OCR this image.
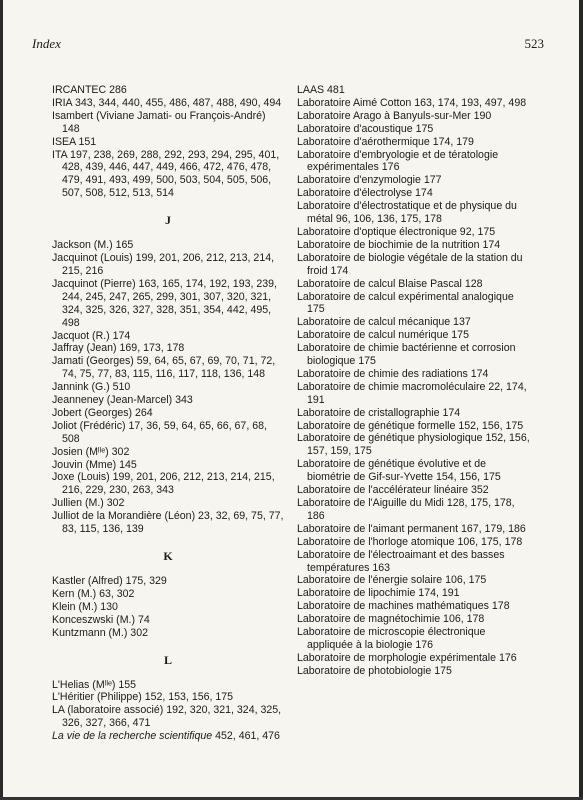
Index	523

IRCANTEC 286

IRIA 343, 344, 440, 455, 486, 487, 488, 490, 494

Isambert (Viviane Jamati- ou François-André) 148

ISEA 151

ITA 197, 238, 269, 288, 292, 293, 294, 295, 401, 428, 439, 446, 447, 449, 466, 472, 476, 478, 479, 491, 493, 499, 500, 503, 504, 505, 506, 507, 508, 512, 513, 514

J

Jackson (M.) 165

Jacquinot (Louis) 199, 201, 206, 212, 213, 214, 215, 216

Jacquinot (Pierre) 163, 165, 174, 192, 193, 239, 244, 245, 247, 265, 299, 301, 307, 320, 321, 324, 325, 326, 327, 328, 351, 354, 442, 495, 498

Jacquot (R.) 174

Jaffray (Jean) 169, 173, 178

Jamati (Georges) 59, 64, 65, 67, 69, 70, 71, 72, 74, 75, 77, 83, 115, 116, 117, 118, 136, 148

Jannink (G.) 510

Jeanneney (Jean-Marcel) 343

Jobert (Georges) 264

Joliot (Frédéric) 17, 36, 59, 64, 65, 66, 67, 68, 508

Josien (Mˡˡᵉ) 302

Jouvin (Mme) 145

Joxe (Louis) 199, 201, 206, 212, 213, 214, 215, 216, 229, 230, 263, 343

Jullien (M.) 302

Julliot de la Morandière (Léon) 23, 32, 69, 75, 77, 83, 115, 136, 139

K

Kastler (Alfred) 175, 329

Kern (M.) 63, 302

Klein (M.) 130

Konceszwski (M.) 74

Kuntzmann (M.) 302

L

L'Helias (Mˡˡᵉ) 155

L'Héritier (Philippe) 152, 153, 156, 175

LA (laboratoire associé) 192, 320, 321, 324, 325, 326, 327, 366, 471

La vie de la recherche scientifique 452, 461, 476

LAAS 481

Laboratoire Aimé Cotton 163, 174, 193, 497, 498

Laboratoire Arago à Banyuls-sur-Mer 190

Laboratoire d'acoustique 175

Laboratoire d'aérothermique 174, 179

Laboratoire d'embryologie et de tératologie expérimentales 176

Laboratoire d'enzymologie 177

Laboratoire d'électrolyse 174

Laboratoire d'électrostatique et de physique du métal 96, 106, 136, 175, 178

Laboratoire d'optique électronique 92, 175

Laboratoire de biochimie de la nutrition 174

Laboratoire de biologie végétale de la station du froid 174

Laboratoire de calcul Blaise Pascal 128

Laboratoire de calcul expérimental analogique 175

Laboratoire de calcul mécanique 137

Laboratoire de calcul numérique 175

Laboratoire de chimie bactérienne et corrosion biologique 175

Laboratoire de chimie des radiations 174

Laboratoire de chimie macromoléculaire 22, 174, 191

Laboratoire de cristallographie 174

Laboratoire de génétique formelle 152, 156, 175

Laboratoire de génétique physiologique 152, 156, 157, 159, 175

Laboratoire de génétique évolutive et de biométrie de Gif-sur-Yvette 154, 156, 175

Laboratoire de l'accélérateur linéaire 352

Laboratoire de l'Aiguille du Midi 128, 175, 178, 186

Laboratoire de l'aimant permanent 167, 179, 186

Laboratoire de l'horloge atomique 106, 175, 178

Laboratoire de l'électroaimant et des basses températures 163

Laboratoire de l'énergie solaire 106, 175

Laboratoire de lipochimie 174, 191

Laboratoire de machines mathématiques 178

Laboratoire de magnétochimie 106, 178

Laboratoire de microscopie électronique appliquée à la biologie 176

Laboratoire de morphologie expérimentale 176

Laboratoire de photobiologie 175
